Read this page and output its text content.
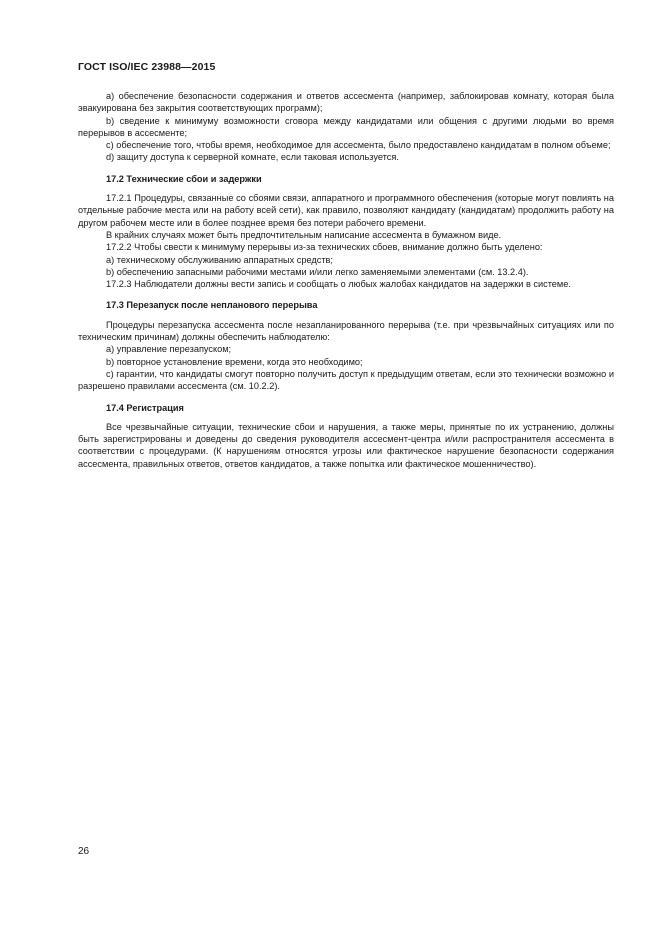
ГОСТ ISO/IEC 23988—2015

а) обеспечение безопасности содержания и ответов ассесмента (например, заблокировав комнату, которая была эвакуирована без закрытия соответствующих программ);

b) сведение к минимуму возможности сговора между кандидатами или общения с другими людьми во время перерывов в ассесменте;

с) обеспечение того, чтобы время, необходимое для ассесмента, было предоставлено кандидатам в полном объеме;

d) защиту доступа к серверной комнате, если таковая используется.

17.2 Технические сбои и задержки

17.2.1 Процедуры, связанные со сбоями связи, аппаратного и программного обеспечения (которые могут повлиять на отдельные рабочие места или на работу всей сети), как правило, позволяют кандидату (кандидатам) продолжить работу на другом рабочем месте или в более позднее время без потери рабочего времени.

В крайних случаях может быть предпочтительным написание ассесмента в бумажном виде.

17.2.2 Чтобы свести к минимуму перерывы из-за технических сбоев, внимание должно быть уделено:

а) техническому обслуживанию аппаратных средств;

b) обеспечению запасными рабочими местами и/или легко заменяемыми элементами (см. 13.2.4).

17.2.3 Наблюдатели должны вести запись и сообщать о любых жалобах кандидатов на задержки в системе.

17.3 Перезапуск после непланового перерыва

Процедуры перезапуска ассесмента после незапланированного перерыва (т.е. при чрезвычайных ситуациях или по техническим причинам) должны обеспечить наблюдателю:

а) управление перезапуском;

b) повторное установление времени, когда это необходимо;

с) гарантии, что кандидаты смогут повторно получить доступ к предыдущим ответам, если это технически возможно и разрешено правилами ассесмента (см. 10.2.2).

17.4 Регистрация

Все чрезвычайные ситуации, технические сбои и нарушения, а также меры, принятые по их устранению, должны быть зарегистрированы и доведены до сведения руководителя ассесмент-центра и/или распространителя ассесмента в соответствии с процедурами. (К нарушениям относятся угрозы или фактическое нарушение безопасности содержания ассесмента, правильных ответов, ответов кандидатов, а также попытка или фактическое мошенничество).

26
